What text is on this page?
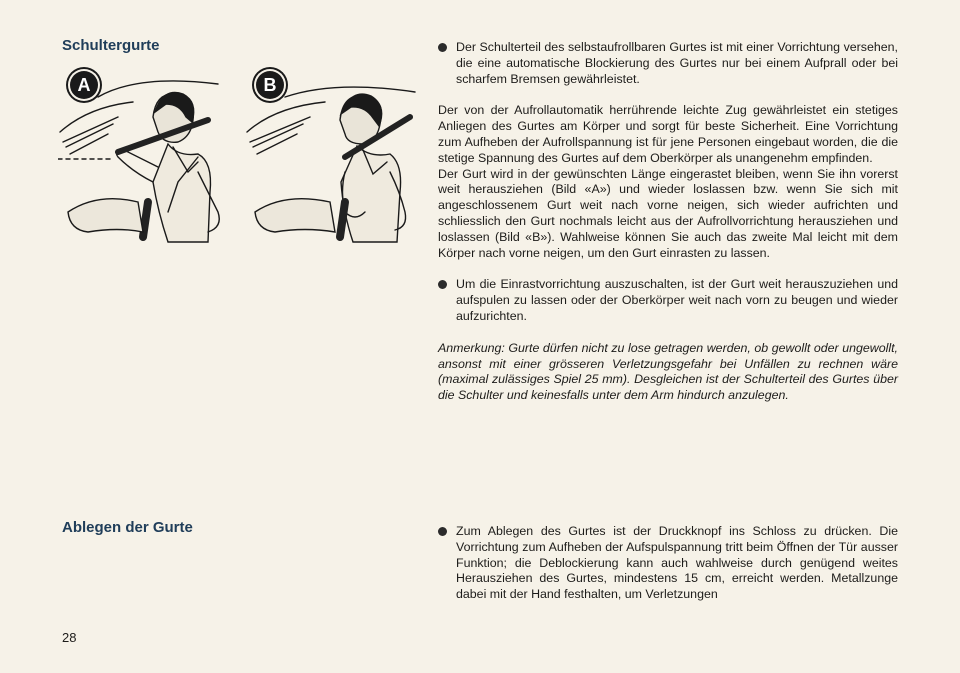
Schultergurte
A	B

Der Schulterteil des selbstaufrollbaren Gurtes ist mit einer Vorrichtung versehen, die eine automatische Blockierung des Gurtes nur bei einem Aufprall oder bei scharfem Bremsen gewährleistet.

Der von der Aufrollautomatik herrührende leichte Zug gewährleistet ein stetiges Anliegen des Gurtes am Körper und sorgt für beste Sicherheit. Eine Vorrichtung zum Aufheben der Aufrollspannung ist für jene Personen eingebaut worden, die die stetige Spannung des Gurtes auf dem Oberkörper als unangenehm empfinden.

Der Gurt wird in der gewünschten Länge eingerastet bleiben, wenn Sie ihn vorerst weit herausziehen (Bild «A») und wieder loslassen bzw. wenn Sie sich mit angeschlossenem Gurt weit nach vorne neigen, sich wieder aufrichten und schliesslich den Gurt nochmals leicht aus der Aufrollvorrichtung herausziehen und loslassen (Bild «B»). Wahlweise können Sie auch das zweite Mal leicht mit dem Körper nach vorne neigen, um den Gurt einrasten zu lassen.

Um die Einrastvorrichtung auszuschalten, ist der Gurt weit herauszuziehen und aufspulen zu lassen oder der Oberkörper weit nach vorn zu beugen und wieder aufzurichten.

Anmerkung: Gurte dürfen nicht zu lose getragen werden, ob gewollt oder ungewollt, ansonst mit einer grösseren Verletzungsgefahr bei Unfällen zu rechnen wäre (maximal zulässiges Spiel 25 mm). Desgleichen ist der Schulterteil des Gurtes über die Schulter und keinesfalls unter dem Arm hindurch anzulegen.

Ablegen der Gurte	Zum Ablegen des Gurtes ist der Druckknopf ins Schloss zu drücken. Die Vorrichtung zum Aufheben der Aufspulspannung tritt beim Öffnen der Tür ausser Funktion; die Deblockierung kann auch wahlweise durch genügend weites Herausziehen des Gurtes, mindestens 15 cm, erreicht werden. Metallzunge dabei mit der Hand festhalten, um Verletzungen

28
